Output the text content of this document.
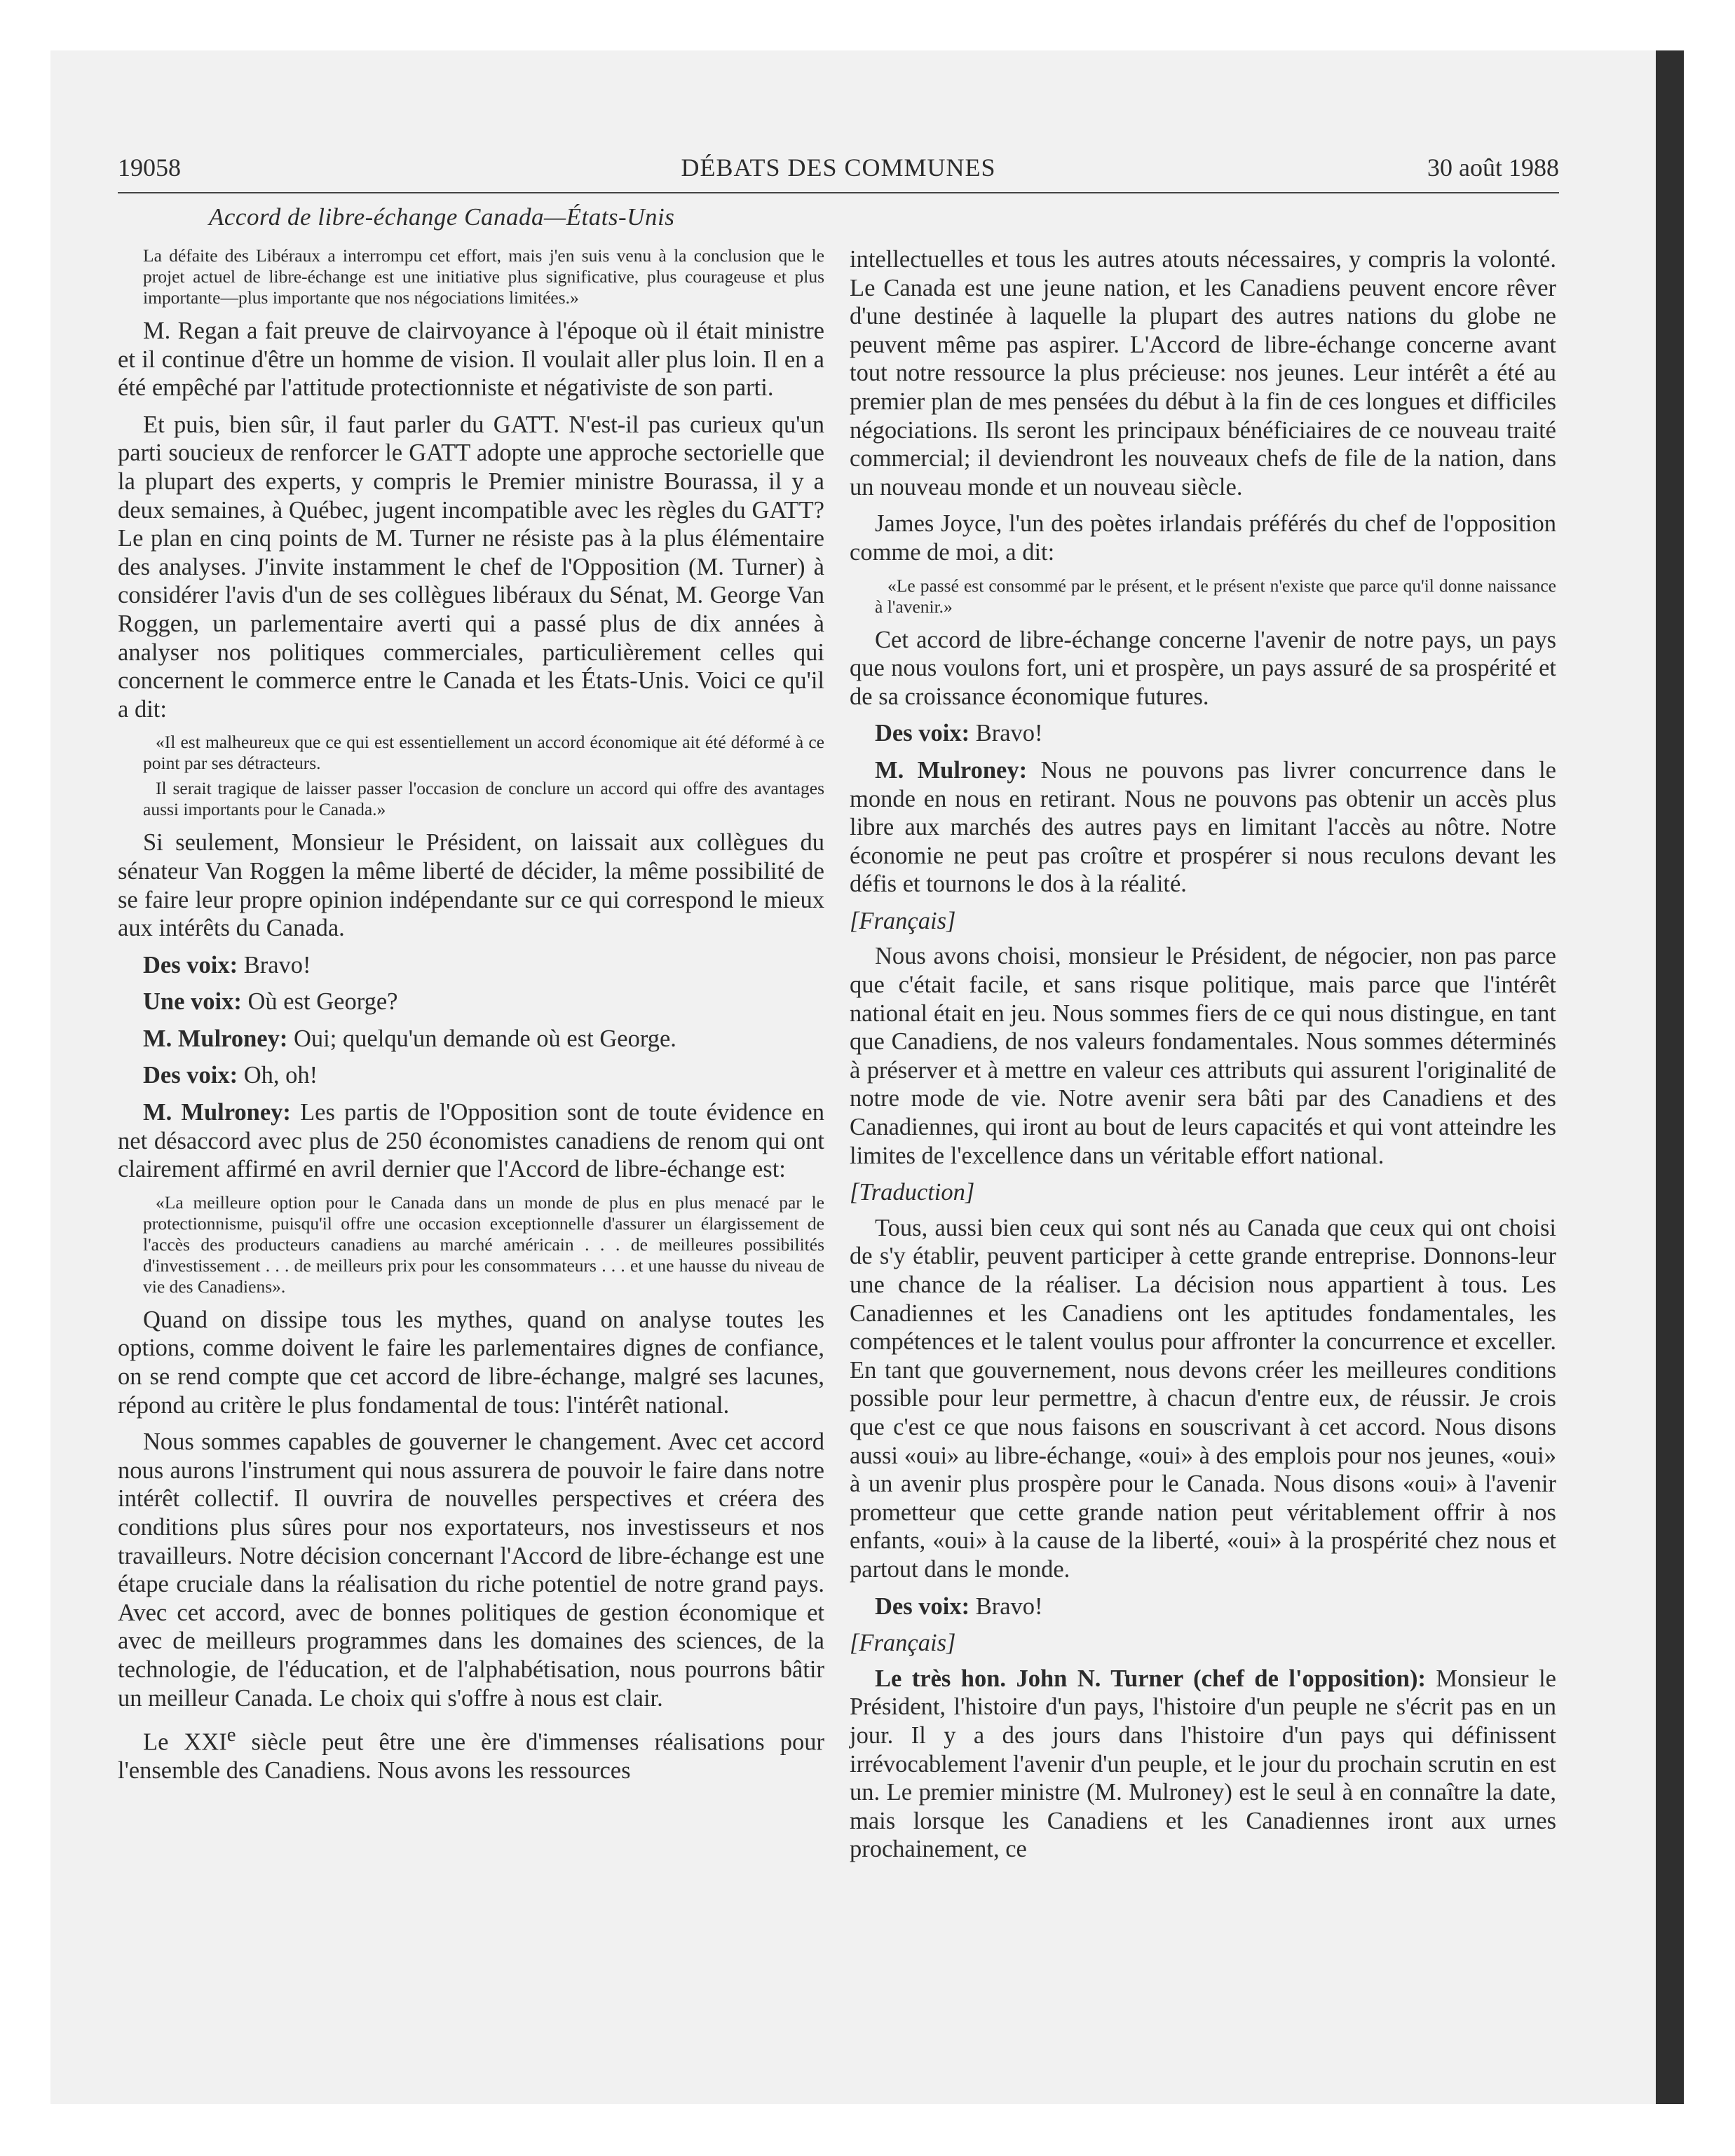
19058	DÉBATS DES COMMUNES	30 août 1988
Accord de libre-échange Canada—États-Unis

La défaite des Libéraux a interrompu cet effort, mais j'en suis venu à la conclusion que le projet actuel de libre-échange est une initiative plus significative, plus courageuse et plus importante—plus importante que nos négociations limitées.»

M. Regan a fait preuve de clairvoyance à l'époque où il était ministre et il continue d'être un homme de vision. Il voulait aller plus loin. Il en a été empêché par l'attitude protectionniste et négativiste de son parti.

Et puis, bien sûr, il faut parler du GATT. N'est-il pas curieux qu'un parti soucieux de renforcer le GATT adopte une approche sectorielle que la plupart des experts, y compris le Premier ministre Bourassa, il y a deux semaines, à Québec, jugent incompatible avec les règles du GATT? Le plan en cinq points de M. Turner ne résiste pas à la plus élémentaire des analyses. J'invite instamment le chef de l'Opposition (M. Turner) à considérer l'avis d'un de ses collègues libéraux du Sénat, M. George Van Roggen, un parlementaire averti qui a passé plus de dix années à analyser nos politiques commerciales, particulièrement celles qui concernent le commerce entre le Canada et les États-Unis. Voici ce qu'il a dit:

«Il est malheureux que ce qui est essentiellement un accord économique ait été déformé à ce point par ses détracteurs.

Il serait tragique de laisser passer l'occasion de conclure un accord qui offre des avantages aussi importants pour le Canada.»

Si seulement, Monsieur le Président, on laissait aux collègues du sénateur Van Roggen la même liberté de décider, la même possibilité de se faire leur propre opinion indépendante sur ce qui correspond le mieux aux intérêts du Canada.

Des voix: Bravo!

Une voix: Où est George?

M. Mulroney: Oui; quelqu'un demande où est George.

Des voix: Oh, oh!

M. Mulroney: Les partis de l'Opposition sont de toute évidence en net désaccord avec plus de 250 économistes canadiens de renom qui ont clairement affirmé en avril dernier que l'Accord de libre-échange est:

«La meilleure option pour le Canada dans un monde de plus en plus menacé par le protectionnisme, puisqu'il offre une occasion exceptionnelle d'assurer un élargissement de l'accès des producteurs canadiens au marché américain . . . de meilleures possibilités d'investissement . . . de meilleurs prix pour les consommateurs . . . et une hausse du niveau de vie des Canadiens».

Quand on dissipe tous les mythes, quand on analyse toutes les options, comme doivent le faire les parlementaires dignes de confiance, on se rend compte que cet accord de libre-échange, malgré ses lacunes, répond au critère le plus fondamental de tous: l'intérêt national.

Nous sommes capables de gouverner le changement. Avec cet accord nous aurons l'instrument qui nous assurera de pouvoir le faire dans notre intérêt collectif. Il ouvrira de nouvelles perspectives et créera des conditions plus sûres pour nos exportateurs, nos investisseurs et nos travailleurs. Notre décision concernant l'Accord de libre-échange est une étape cruciale dans la réalisation du riche potentiel de notre grand pays. Avec cet accord, avec de bonnes politiques de gestion économique et avec de meilleurs programmes dans les domaines des sciences, de la technologie, de l'éducation, et de l'alphabétisation, nous pourrons bâtir un meilleur Canada. Le choix qui s'offre à nous est clair.

Le XXIe siècle peut être une ère d'immenses réalisations pour l'ensemble des Canadiens. Nous avons les ressources

intellectuelles et tous les autres atouts nécessaires, y compris la volonté. Le Canada est une jeune nation, et les Canadiens peuvent encore rêver d'une destinée à laquelle la plupart des autres nations du globe ne peuvent même pas aspirer. L'Accord de libre-échange concerne avant tout notre ressource la plus précieuse: nos jeunes. Leur intérêt a été au premier plan de mes pensées du début à la fin de ces longues et difficiles négociations. Ils seront les principaux bénéficiaires de ce nouveau traité commercial; il deviendront les nouveaux chefs de file de la nation, dans un nouveau monde et un nouveau siècle.

James Joyce, l'un des poètes irlandais préférés du chef de l'opposition comme de moi, a dit:

«Le passé est consommé par le présent, et le présent n'existe que parce qu'il donne naissance à l'avenir.»

Cet accord de libre-échange concerne l'avenir de notre pays, un pays que nous voulons fort, uni et prospère, un pays assuré de sa prospérité et de sa croissance économique futures.

Des voix: Bravo!

M. Mulroney: Nous ne pouvons pas livrer concurrence dans le monde en nous en retirant. Nous ne pouvons pas obtenir un accès plus libre aux marchés des autres pays en limitant l'accès au nôtre. Notre économie ne peut pas croître et prospérer si nous reculons devant les défis et tournons le dos à la réalité.

[Français]

Nous avons choisi, monsieur le Président, de négocier, non pas parce que c'était facile, et sans risque politique, mais parce que l'intérêt national était en jeu. Nous sommes fiers de ce qui nous distingue, en tant que Canadiens, de nos valeurs fondamentales. Nous sommes déterminés à préserver et à mettre en valeur ces attributs qui assurent l'originalité de notre mode de vie. Notre avenir sera bâti par des Canadiens et des Canadiennes, qui iront au bout de leurs capacités et qui vont atteindre les limites de l'excellence dans un véritable effort national.

[Traduction]

Tous, aussi bien ceux qui sont nés au Canada que ceux qui ont choisi de s'y établir, peuvent participer à cette grande entreprise. Donnons-leur une chance de la réaliser. La décision nous appartient à tous. Les Canadiennes et les Canadiens ont les aptitudes fondamentales, les compétences et le talent voulus pour affronter la concurrence et exceller. En tant que gouvernement, nous devons créer les meilleures conditions possible pour leur permettre, à chacun d'entre eux, de réussir. Je crois que c'est ce que nous faisons en souscrivant à cet accord. Nous disons aussi «oui» au libre-échange, «oui» à des emplois pour nos jeunes, «oui» à un avenir plus prospère pour le Canada. Nous disons «oui» à l'avenir prometteur que cette grande nation peut véritablement offrir à nos enfants, «oui» à la cause de la liberté, «oui» à la prospérité chez nous et partout dans le monde.

Des voix: Bravo!

[Français]

Le très hon. John N. Turner (chef de l'opposition): Monsieur le Président, l'histoire d'un pays, l'histoire d'un peuple ne s'écrit pas en un jour. Il y a des jours dans l'histoire d'un pays qui définissent irrévocablement l'avenir d'un peuple, et le jour du prochain scrutin en est un. Le premier ministre (M. Mulroney) est le seul à en connaître la date, mais lorsque les Canadiens et les Canadiennes iront aux urnes prochainement, ce
